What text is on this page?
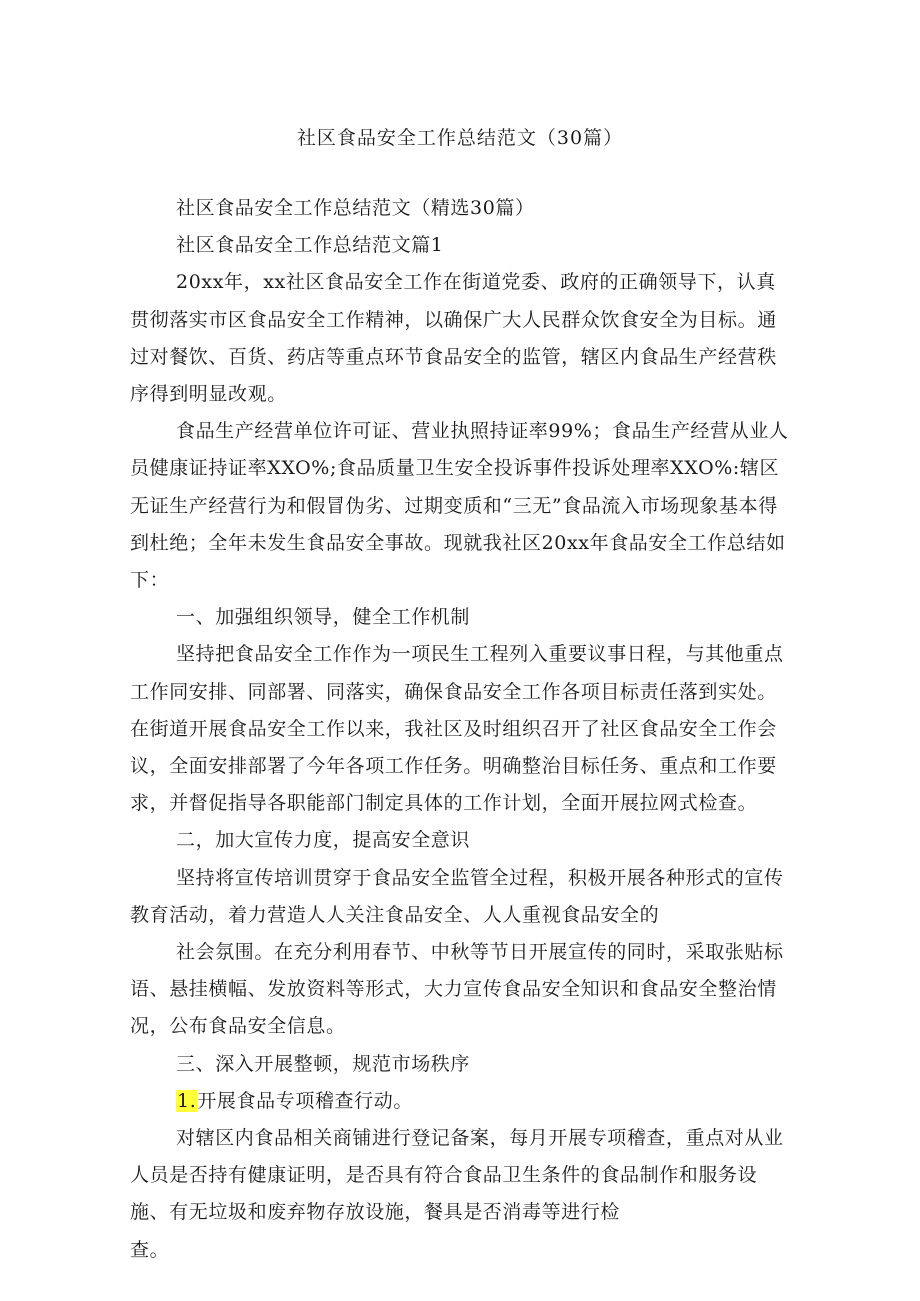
社区食品安全工作总结范文（30篇）

社区食品安全工作总结范文（精选30篇）

社区食品安全工作总结范文篇1

20xx年，xx社区食品安全工作在街道党委、政府的正确领导下，认真贯彻落实市区食品安全工作精神，以确保广大人民群众饮食安全为目标。通过对餐饮、百货、药店等重点环节食品安全的监管，辖区内食品生产经营秩序得到明显改观。

食品生产经营单位许可证、营业执照持证率99%；食品生产经营从业人员健康证持证率XXO%;食品质量卫生安全投诉事件投诉处理率XXO%:辖区无证生产经营行为和假冒伪劣、过期变质和“三无”食品流入市场现象基本得到杜绝；全年未发生食品安全事故。现就我社区20xx年食品安全工作总结如下：

一、加强组织领导，健全工作机制

坚持把食品安全工作作为一项民生工程列入重要议事日程，与其他重点工作同安排、同部署、同落实，确保食品安全工作各项目标责任落到实处。在街道开展食品安全工作以来，我社区及时组织召开了社区食品安全工作会议，全面安排部署了今年各项工作任务。明确整治目标任务、重点和工作要求，并督促指导各职能部门制定具体的工作计划，全面开展拉网式检查。

二，加大宣传力度，提高安全意识

坚持将宣传培训贯穿于食品安全监管全过程，积极开展各种形式的宣传教育活动，着力营造人人关注食品安全、人人重视食品安全的

社会氛围。在充分利用春节、中秋等节日开展宣传的同时，采取张贴标语、悬挂横幅、发放资料等形式，大力宣传食品安全知识和食品安全整治情况，公布食品安全信息。

三、深入开展整顿，规范市场秩序

1.开展食品专项稽查行动。

对辖区内食品相关商铺进行登记备案，每月开展专项稽查，重点对从业人员是否持有健康证明，是否具有符合食品卫生条件的食品制作和服务设施、有无垃圾和废弃物存放设施，餐具是否消毒等进行检

查。
